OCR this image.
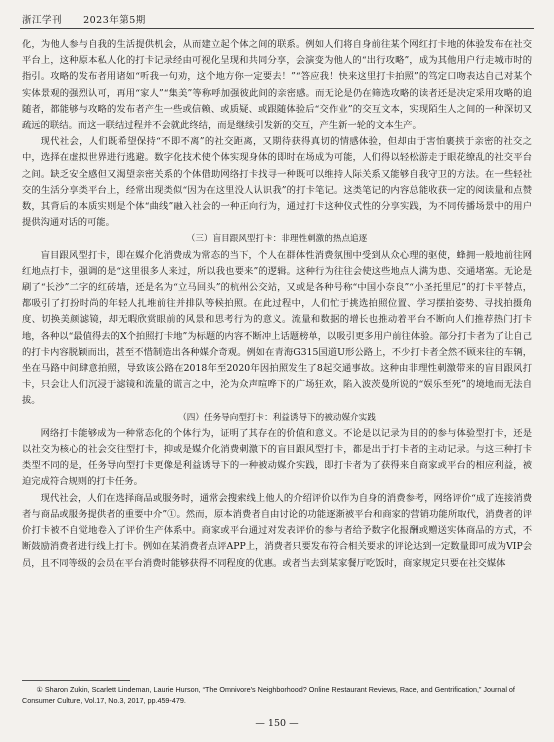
浙江学刊 2023年第5期

化，为他人参与自我的生活提供机会，从而建立起个体之间的联系。例如人们将自身前往某个网红打卡地的体验发布在社交平台上，这种原本私人化的打卡记录经由可视化呈现和共同分享，会演变为他人的“出行攻略”，成为其他用户行走城市时的指引。攻略的发布者用诸如“听我一句劝，这个地方你一定要去！”“答应我！快来这里打卡拍照”的笃定口吻表达自己对某个实体景观的强烈认可，再用“家人”“集美”等称呼加强彼此间的亲密感。而无论是仍在筛选攻略的读者还是决定采用攻略的追随者，都能够与攻略的发布者产生一些或信赖、或质疑、或跟随体验后“交作业”的交互文本，实现陌生人之间的一种深切又疏远的联结。而这一联结过程并不会就此终结，而是继续引发新的交互，产生新一轮的文本生产。

现代社会，人们既希望保持“不即不离”的社交距离，又期待获得真切的情感体验，但却由于害怕裹挟于亲密的社交之中，选择在虚拟世界进行逃避。数字化技术使个体实现身体的即时在场成为可能，人们得以轻松游走于眼花缭乱的社交平台之间。缺乏安全感但又渴望亲密关系的个体借助网络打卡找寻一种既可以维持人际关系又能够自我守卫的方法。在一些轻社交的生活分享类平台上，经常出现类似“因为在这里没人认识我”的打卡笔记。这类笔记的内容总能收获一定的阅读量和点赞数，其背后的本质实则是个体“曲线”融入社会的一种正向行为，通过打卡这种仪式性的分享实践，为不同传播场景中的用户提供沟通对话的可能。

（三）盲目跟风型打卡：非理性刺激的热点追逐

盲目跟风型打卡，即在媒介化消费成为常态的当下，个人在群体性消费氛围中受到从众心理的驱使，蜂拥一般地前往网红地点打卡，强调的是“这里很多人来过，所以我也要来”的逻辑。这种行为往往会使这些地点人满为患、交通堵塞。无论是刷了“长沙”二字的红砖墙，还是名为“立马回头”的杭州公交站，又或是各种号称“中国小奈良”“小圣托里尼”的打卡平替点，都吸引了打扮时尚的年轻人扎堆前往并排队等候拍照。在此过程中，人们忙于挑选拍照位置、学习摆拍姿势、寻找拍摄角度、切换美颜滤镜，却无暇欣赏眼前的风景和思考行为的意义。流量和数据的增长也推动着平台不断向人们推荐热门打卡地，各种以“最值得去的X个拍照打卡地”为标题的内容不断冲上话题榜单，以吸引更多用户前往体验。部分打卡者为了让自己的打卡内容脱颖而出，甚至不惜制造出各种媒介奇观。例如在青海G315国道U形公路上，不少打卡者全然不顾来往的车辆，坐在马路中间肆意拍照，导致该公路在2018年至2020年因拍照发生了8起交通事故。这种由非理性刺激带来的盲目跟风打卡，只会让人们沉浸于滤镜和流量的谎言之中，沦为众声喧哗下的广场狂欢，陷入波茨曼所说的“娱乐至死”的境地而无法自拔。

（四）任务导向型打卡：利益诱导下的被动媒介实践

网络打卡能够成为一种常态化的个体行为，证明了其存在的价值和意义。不论是以记录为目的的参与体验型打卡，还是以社交为核心的社会交往型打卡，抑或是媒介化消费刺激下的盲目跟风型打卡，都是出于打卡者的主动记录。与这三种打卡类型不同的是，任务导向型打卡更像是利益诱导下的一种被动媒介实践，即打卡者为了获得来自商家或平台的相应利益，被迫完成符合规则的打卡任务。

现代社会，人们在选择商品或服务时，通常会搜索线上他人的介绍评价以作为自身的消费参考，网络评价“成了连接消费者与商品或服务提供者的重要中介”①。然而，原本消费者自由讨论的功能逐渐被平台和商家的营销功能所取代，消费者的评价打卡被不自觉地卷入了评价生产体系中。商家或平台通过对发表评价的参与者给予数字化报酬或赠送实体商品的方式，不断鼓励消费者进行线上打卡。例如在某消费者点评APP上，消费者只要发布符合相关要求的评论达到一定数量即可成为VIP会员，且不同等级的会员在平台消费时能够获得不同程度的优惠。或者当去到某家餐厅吃饭时，商家规定只要在社交媒体

① Sharon Zukin, Scarlett Lindeman, Laurie Hurson, “The Omnivore’s Neighborhood? Online Restaurant Reviews, Race, and Gentrification,” Journal of Consumer Culture, Vol.17, No.3, 2017, pp.459-479.
— 150 —
